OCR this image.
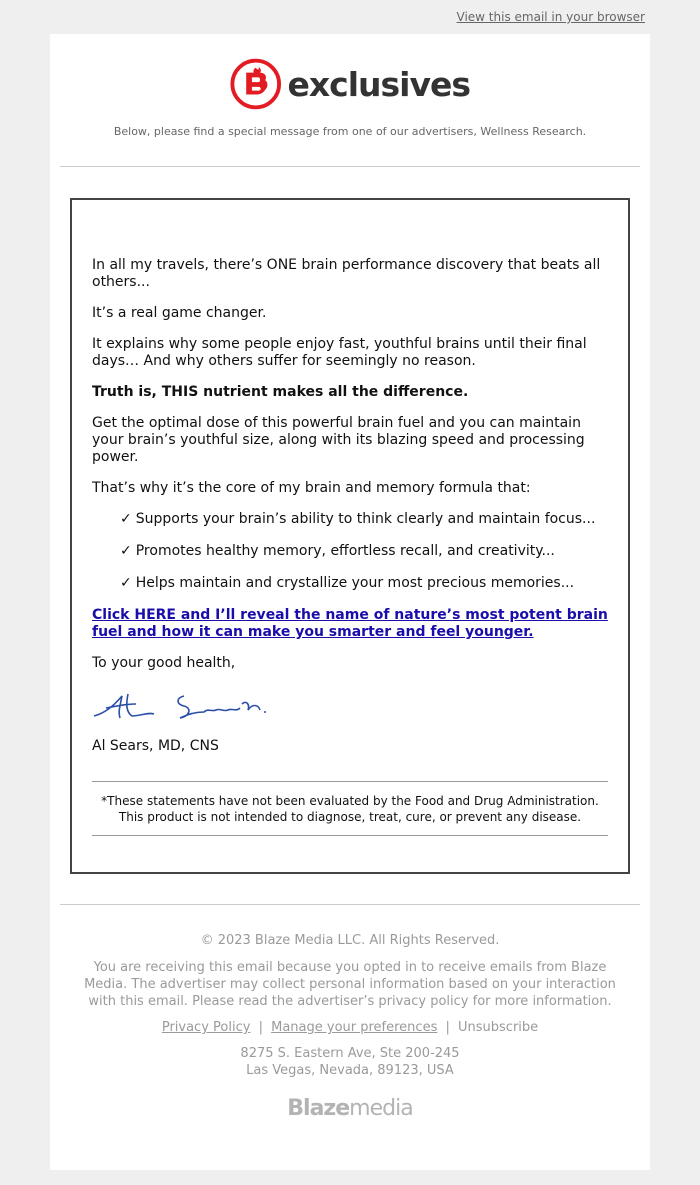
View this email in your browser
exclusives
Below, please find a special message from one of our advertisers, Wellness Research.

In all my travels, there’s ONE brain performance discovery that beats all others...

It’s a real game changer.

It explains why some people enjoy fast, youthful brains until their final days… And why others suffer for seemingly no reason.

Truth is, THIS nutrient makes all the difference.

Get the optimal dose of this powerful brain fuel and you can maintain your brain’s youthful size, along with its blazing speed and processing power.

That’s why it’s the core of my brain and memory formula that:

✓ Supports your brain’s ability to think clearly and maintain focus...
✓ Promotes healthy memory, effortless recall, and creativity...
✓ Helps maintain and crystallize your most precious memories...

Click HERE and I’ll reveal the name of nature’s most potent brain fuel and how it can make you smarter and feel younger.

To your good health,

Al Sears, MD, CNS

*These statements have not been evaluated by the Food and Drug Administration.
This product is not intended to diagnose, treat, cure, or prevent any disease.
© 2023 Blaze Media LLC. All Rights Reserved.
You are receiving this email because you opted in to receive emails from Blaze Media. The advertiser may collect personal information based on your interaction with this email. Please read the advertiser’s privacy policy for more information.
Privacy Policy | Manage your preferences | Unsubscribe
8275 S. Eastern Ave, Ste 200-245
Las Vegas, Nevada, 89123, USA
Blaze media
